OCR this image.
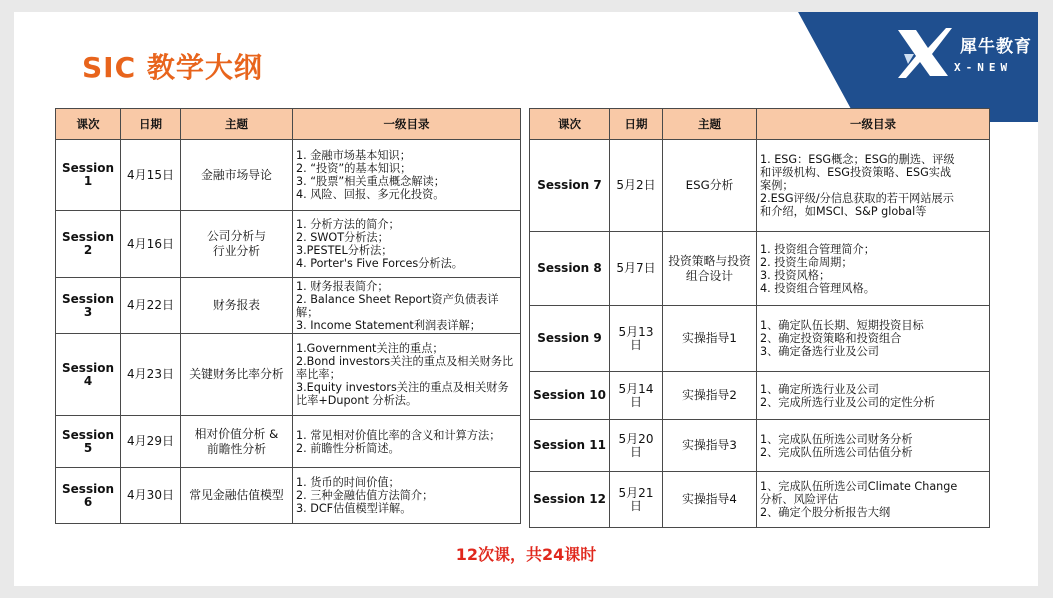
犀牛教育
X-NEW
SIC 教学大纲
课次	日期	主题	一级目录
Session 1	4月15日	金融市场导论	1. 金融市场基本知识；
2. “投资”的基本知识；
3. “股票”相关重点概念解读；
4. 风险、回报、多元化投资。

Session 2	4月16日	公司分析与
行业分析	1. 分析方法的简介；
2. SWOT分析法；
3.PESTEL分析法；
4. Porter's Five Forces分析法。

Session 3	4月22日	财务报表	1. 财务报表简介；
2. Balance Sheet Report资产负债表详解；
3. Income Statement利润表详解；

Session 4	4月23日	关键财务比率分析	1.Government关注的重点；
2.Bond investors关注的重点及相关财务比
率比率；
3.Equity investors关注的重点及相关财务
比率+Dupont 分析法。

Session 5	4月29日	相对价值分析 &
前瞻性分析	1. 常见相对价值比率的含义和计算方法；
2. 前瞻性分析简述。

Session 6	4月30日	常见金融估值模型	1. 货币的时间价值；
2. 三种金融估值方法简介；
3. DCF估值模型详解。
课次	日期	主题	一级目录
Session 7	5月2日	ESG分析	1. ESG：ESG概念；ESG的删选、评级
和评级机构、ESG投资策略、ESG实战
案例；
2.ESG评级/分信息获取的若干网站展示
和介绍，如MSCI、S&P global等

Session 8	5月7日	投资策略与投资
组合设计	1. 投资组合管理简介；
2. 投资生命周期；
3. 投资风格；
4. 投资组合管理风格。

Session 9	5月13日	实操指导1	1、确定队伍长期、短期投资目标
2、确定投资策略和投资组合
3、确定备选行业及公司

Session 10	5月14日	实操指导2	1、确定所选行业及公司
2、完成所选行业及公司的定性分析

Session 11	5月20日	实操指导3	1、完成队伍所选公司财务分析
2、完成队伍所选公司估值分析

Session 12	5月21日	实操指导4	1、完成队伍所选公司Climate Change
分析、风险评估
2、确定个股分析报告大纲
12次课，共24课时
